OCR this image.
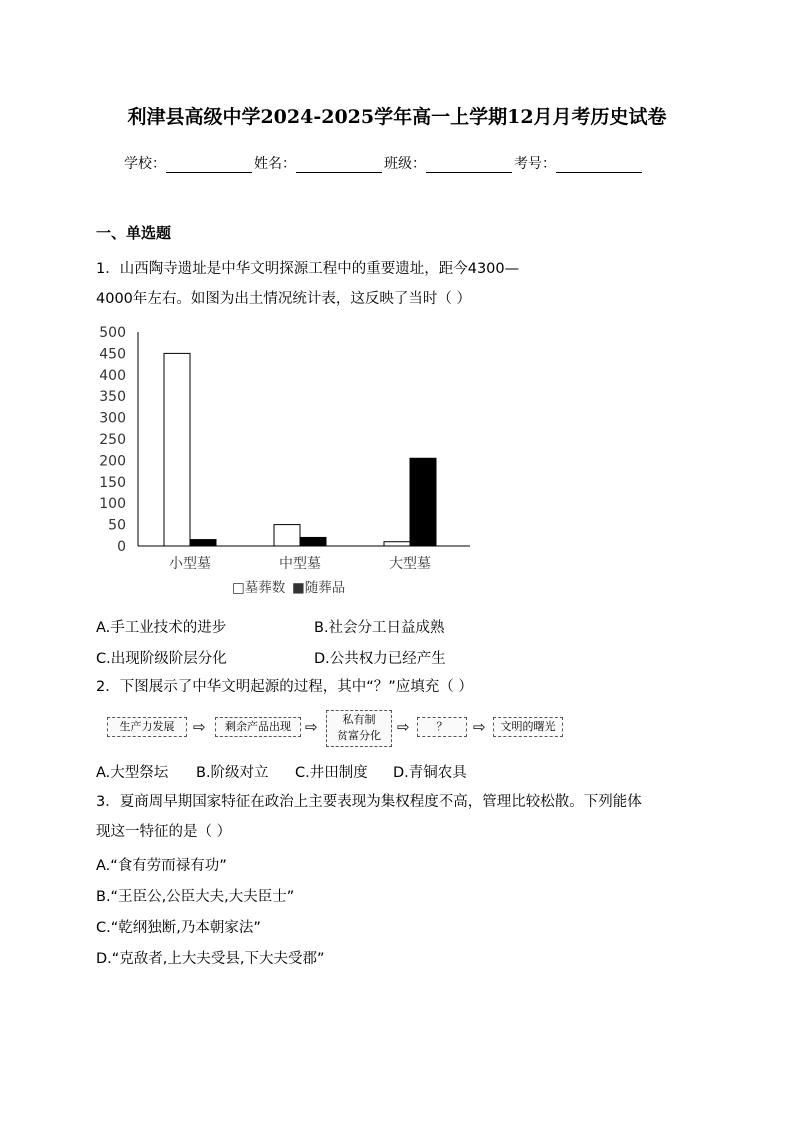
利津县高级中学2024-2025学年高一上学期12月月考历史试卷
学校：	姓名：	班级：	考号：
一、单选题
1．山西陶寺遗址是中华文明探源工程中的重要遗址，距今4300—
4000年左右。如图为出土情况统计表，这反映了当时（ ）
0
50
100
150
200
250
300
350
400
450
500
小型墓	中型墓	大型墓
□墓葬数 ■随葬品
A.手工业技术的进步	B.社会分工日益成熟
C.出现阶级阶层分化	D.公共权力已经产生
2．下图展示了中华文明起源的过程，其中“？”应填充（ ）
生产力发展	⇨	剩余产品出现 ⇨	私有制
贫富分化	⇨	？	⇨	文明的曙光
A.大型祭坛 B.阶级对立 C.井田制度 D.青铜农具
3．夏商周早期国家特征在政治上主要表现为集权程度不高，管理比较松散。下列能体
现这一特征的是（ ）
A.“食有劳而禄有功”
B.“王臣公,公臣大夫,大夫臣士”
C.“乾纲独断,乃本朝家法”
D.“克敌者,上大夫受县,下大夫受郡”
